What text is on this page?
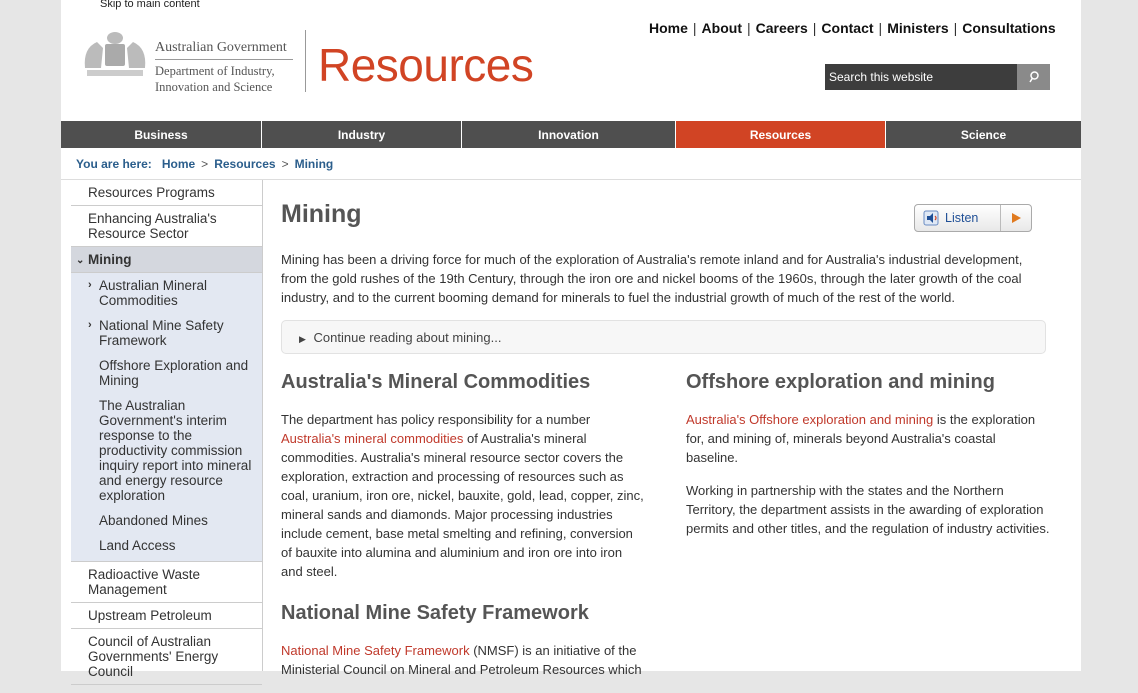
Skip to main content
Australian Government
Department of Industry,
Innovation and Science Resources
Home | About | Careers | Contact | Ministers | Consultations
Search this website
Business	Industry	Innovation	Resources	Science
You are here: Home > Resources > Mining
Resources Programs
Enhancing Australia's Resource Sector
⌄ Mining
› Australian Mineral Commodities
› National Mine Safety Framework
Offshore Exploration and Mining
The Australian Government's interim response to the productivity commission inquiry report into mineral and energy resource exploration
Abandoned Mines
Land Access
Radioactive Waste Management
Upstream Petroleum
Council of Australian Governments' Energy Council
Mining	Listen

Mining has been a driving force for much of the exploration of Australia's remote inland and for Australia's industrial development, from the gold rushes of the 19th Century, through the iron ore and nickel booms of the 1960s, through the later growth of the coal industry, and to the current booming demand for minerals to fuel the industrial growth of much of the rest of the world.

▶ Continue reading about mining...
Australia's Mineral Commodities

The department has policy responsibility for a number Australia's mineral commodities of Australia's mineral commodities. Australia's mineral resource sector covers the exploration, extraction and processing of resources such as coal, uranium, iron ore, nickel, bauxite, gold, lead, copper, zinc, mineral sands and diamonds. Major processing industries include cement, base metal smelting and refining, conversion of bauxite into alumina and aluminium and iron ore into iron and steel.

Offshore exploration and mining

Australia's Offshore exploration and mining is the exploration for, and mining of, minerals beyond Australia's coastal baseline.

Working in partnership with the states and the Northern Territory, the department assists in the awarding of exploration permits and other titles, and the regulation of industry activities.

National Mine Safety Framework

National Mine Safety Framework (NMSF) is an initiative of the Ministerial Council on Mineral and Petroleum Resources which
